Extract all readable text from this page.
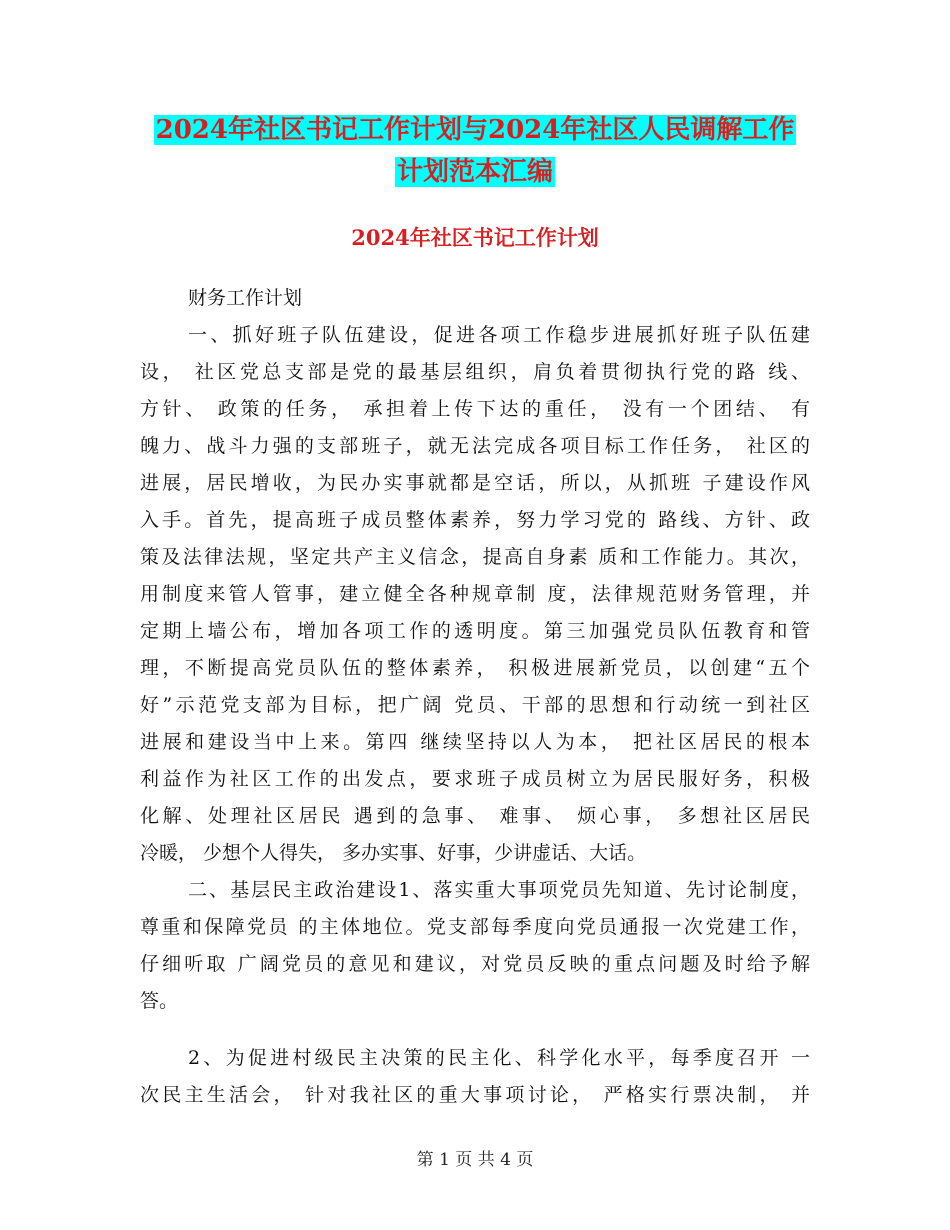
2024年社区书记工作计划与2024年社区人民调解工作
计划范本汇编
2024年社区书记工作计划
财务工作计划
一、抓好班子队伍建设，促进各项工作稳步进展抓好班子队伍建
设， 社区党总支部是党的最基层组织，肩负着贯彻执行党的路 线、
方针、 政策的任务， 承担着上传下达的重任， 没有一个团结、 有
魄力、战斗力强的支部班子，就无法完成各项目标工作任务， 社区的
进展，居民增收，为民办实事就都是空话，所以，从抓班 子建设作风
入手。首先，提高班子成员整体素养，努力学习党的 路线、方针、政
策及法律法规，坚定共产主义信念，提高自身素 质和工作能力。其次，
用制度来管人管事，建立健全各种规章制 度，法律规范财务管理，并
定期上墙公布，增加各项工作的透明度。第三加强党员队伍教育和管
理，不断提高党员队伍的整体素养， 积极进展新党员，以创建“五个
好”示范党支部为目标，把广阔 党员、干部的思想和行动统一到社区
进展和建设当中上来。第四 继续坚持以人为本， 把社区居民的根本
利益作为社区工作的出发点，要求班子成员树立为居民服好务，积极
化解、处理社区居民 遇到的急事、 难事、 烦心事， 多想社区居民
冷暖， 少想个人得失， 多办实事、好事，少讲虚话、大话。
二、基层民主政治建设1、落实重大事项党员先知道、先讨论制度，
尊重和保障党员 的主体地位。党支部每季度向党员通报一次党建工作，
仔细听取 广阔党员的意见和建议，对党员反映的重点问题及时给予解
答。
2、为促进村级民主决策的民主化、科学化水平，每季度召开 一
次民主生活会， 针对我社区的重大事项讨论， 严格实行票决制， 并
第 1 页 共 4 页
